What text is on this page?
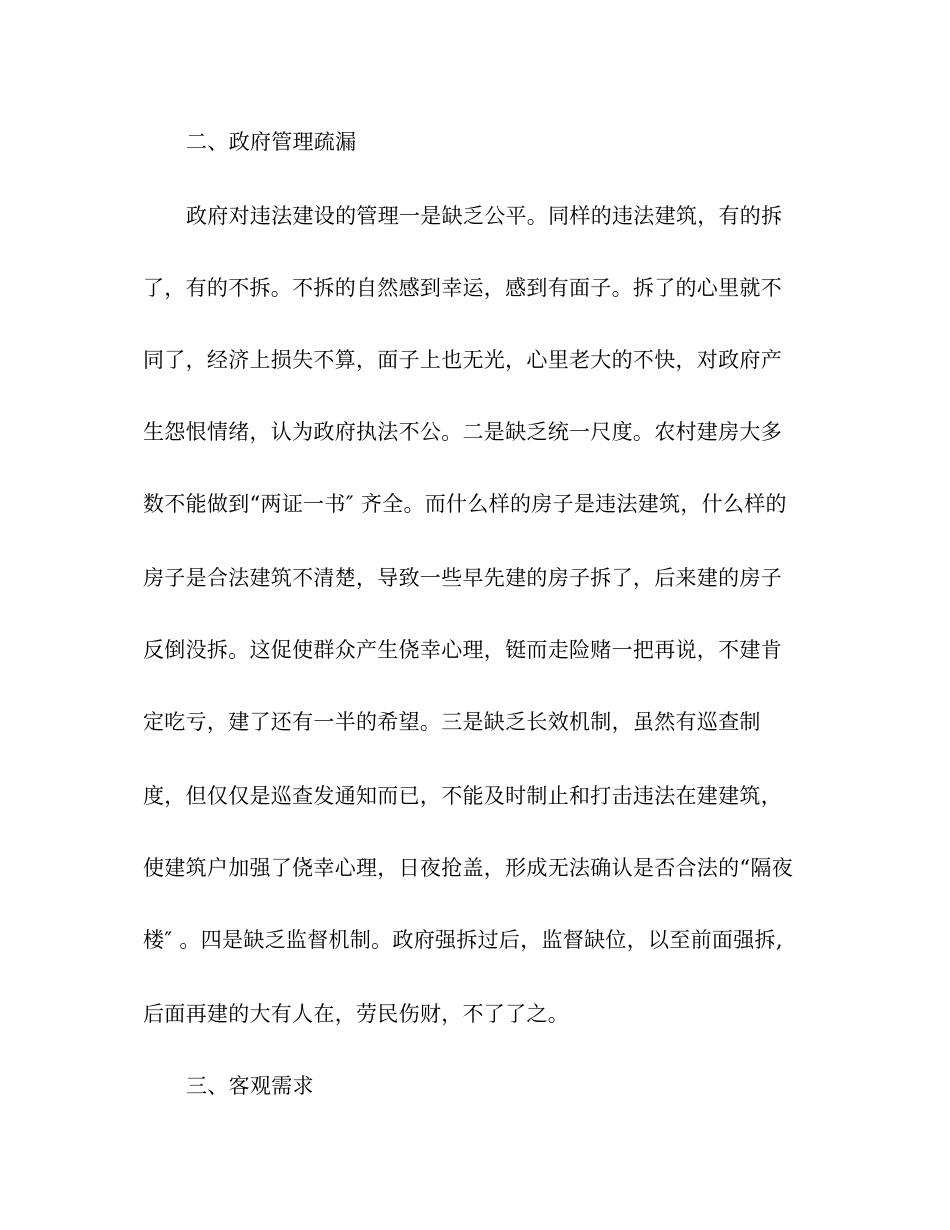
二、政府管理疏漏
政府对违法建设的管理一是缺乏公平。同样的违法建筑，有的拆
了，有的不拆。不拆的自然感到幸运，感到有面子。拆了的心里就不
同了，经济上损失不算，面子上也无光，心里老大的不快，对政府产
生怨恨情绪，认为政府执法不公。二是缺乏统一尺度。农村建房大多
数不能做到“两证一书″ 齐全。而什么样的房子是违法建筑，什么样的
房子是合法建筑不清楚，导致一些早先建的房子拆了，后来建的房子
反倒没拆。这促使群众产生侥幸心理，铤而走险赌一把再说，不建肯
定吃亏，建了还有一半的希望。三是缺乏长效机制，虽然有巡查制
度，但仅仅是巡查发通知而已，不能及时制止和打击违法在建建筑，
使建筑户加强了侥幸心理，日夜抢盖，形成无法确认是否合法的“隔夜
楼″ 。四是缺乏监督机制。政府强拆过后，监督缺位，以至前面强拆,
后面再建的大有人在，劳民伤财，不了了之。
三、客观需求
